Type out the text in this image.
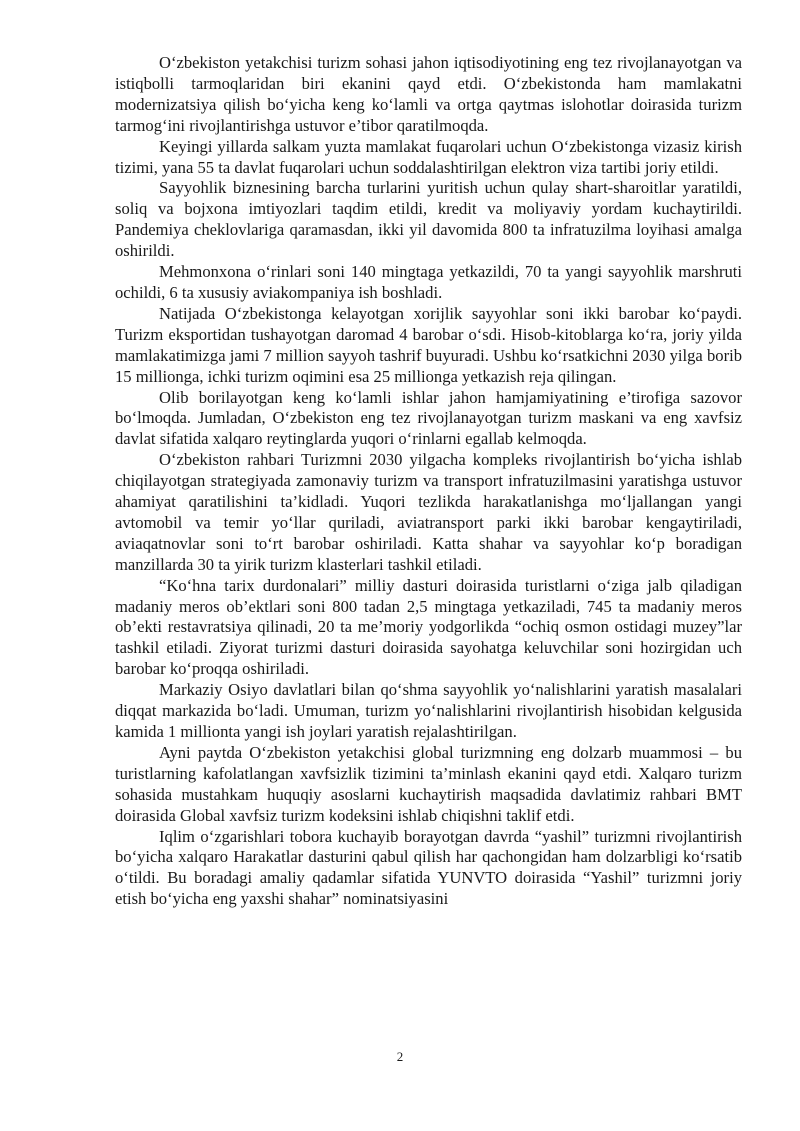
O‘zbekiston yetakchisi turizm sohasi jahon iqtisodiyotining eng tez rivojlanayotgan va istiqbolli tarmoqlaridan biri ekanini qayd etdi. O‘zbekistonda ham mamlakatni modernizatsiya qilish bo‘yicha keng ko‘lamli va ortga qaytmas islohotlar doirasida turizm tarmog‘ini rivojlantirishga ustuvor e’tibor qaratilmoqda.

Keyingi yillarda salkam yuzta mamlakat fuqarolari uchun O‘zbekistonga vizasiz kirish tizimi, yana 55 ta davlat fuqarolari uchun soddalashtirilgan elektron viza tartibi joriy etildi.

Sayyohlik biznesining barcha turlarini yuritish uchun qulay shart-sharoitlar yaratildi, soliq va bojxona imtiyozlari taqdim etildi, kredit va moliyaviy yordam kuchaytirildi. Pandemiya cheklovlariga qaramasdan, ikki yil davomida 800 ta infratuzilma loyihasi amalga oshirildi.

Mehmonxona o‘rinlari soni 140 mingtaga yetkazildi, 70 ta yangi sayyohlik marshruti ochildi, 6 ta xususiy aviakompaniya ish boshladi.

Natijada O‘zbekistonga kelayotgan xorijlik sayyohlar soni ikki barobar ko‘paydi. Turizm eksportidan tushayotgan daromad 4 barobar o‘sdi. Hisob-kitoblarga ko‘ra, joriy yilda mamlakatimizga jami 7 million sayyoh tashrif buyuradi. Ushbu ko‘rsatkichni 2030 yilga borib 15 millionga, ichki turizm oqimini esa 25 millionga yetkazish reja qilingan.

Olib borilayotgan keng ko‘lamli ishlar jahon hamjamiyatining e’tirofiga sazovor bo‘lmoqda. Jumladan, O‘zbekiston eng tez rivojlanayotgan turizm maskani va eng xavfsiz davlat sifatida xalqaro reytinglarda yuqori o‘rinlarni egallab kelmoqda.

O‘zbekiston rahbari Turizmni 2030 yilgacha kompleks rivojlantirish bo‘yicha ishlab chiqilayotgan strategiyada zamonaviy turizm va transport infratuzilmasini yaratishga ustuvor ahamiyat qaratilishini ta’kidladi. Yuqori tezlikda harakatlanishga mo‘ljallangan yangi avtomobil va temir yo‘llar quriladi, aviatransport parki ikki barobar kengaytiriladi, aviaqatnovlar soni to‘rt barobar oshiriladi. Katta shahar va sayyohlar ko‘p boradigan manzillarda 30 ta yirik turizm klasterlari tashkil etiladi.

“Ko‘hna tarix durdonalari” milliy dasturi doirasida turistlarni o‘ziga jalb qiladigan madaniy meros ob’ektlari soni 800 tadan 2,5 mingtaga yetkaziladi, 745 ta madaniy meros ob’ekti restavratsiya qilinadi, 20 ta me’moriy yodgorlikda “ochiq osmon ostidagi muzey”lar tashkil etiladi. Ziyorat turizmi dasturi doirasida sayohatga keluvchilar soni hozirgidan uch barobar ko‘proqqa oshiriladi.

Markaziy Osiyo davlatlari bilan qo‘shma sayyohlik yo‘nalishlarini yaratish masalalari diqqat markazida bo‘ladi. Umuman, turizm yo‘nalishlarini rivojlantirish hisobidan kelgusida kamida 1 millionta yangi ish joylari yaratish rejalashtirilgan.

Ayni paytda O‘zbekiston yetakchisi global turizmning eng dolzarb muammosi – bu turistlarning kafolatlangan xavfsizlik tizimini ta’minlash ekanini qayd etdi. Xalqaro turizm sohasida mustahkam huquqiy asoslarni kuchaytirish maqsadida davlatimiz rahbari BMT doirasida Global xavfsiz turizm kodeksini ishlab chiqishni taklif etdi.

Iqlim o‘zgarishlari tobora kuchayib borayotgan davrda “yashil” turizmni rivojlantirish bo‘yicha xalqaro Harakatlar dasturini qabul qilish har qachongidan ham dolzarbligi ko‘rsatib o‘tildi. Bu boradagi amaliy qadamlar sifatida YUNVTO doirasida “Yashil” turizmni joriy etish bo‘yicha eng yaxshi shahar” nominatsiyasini

2
